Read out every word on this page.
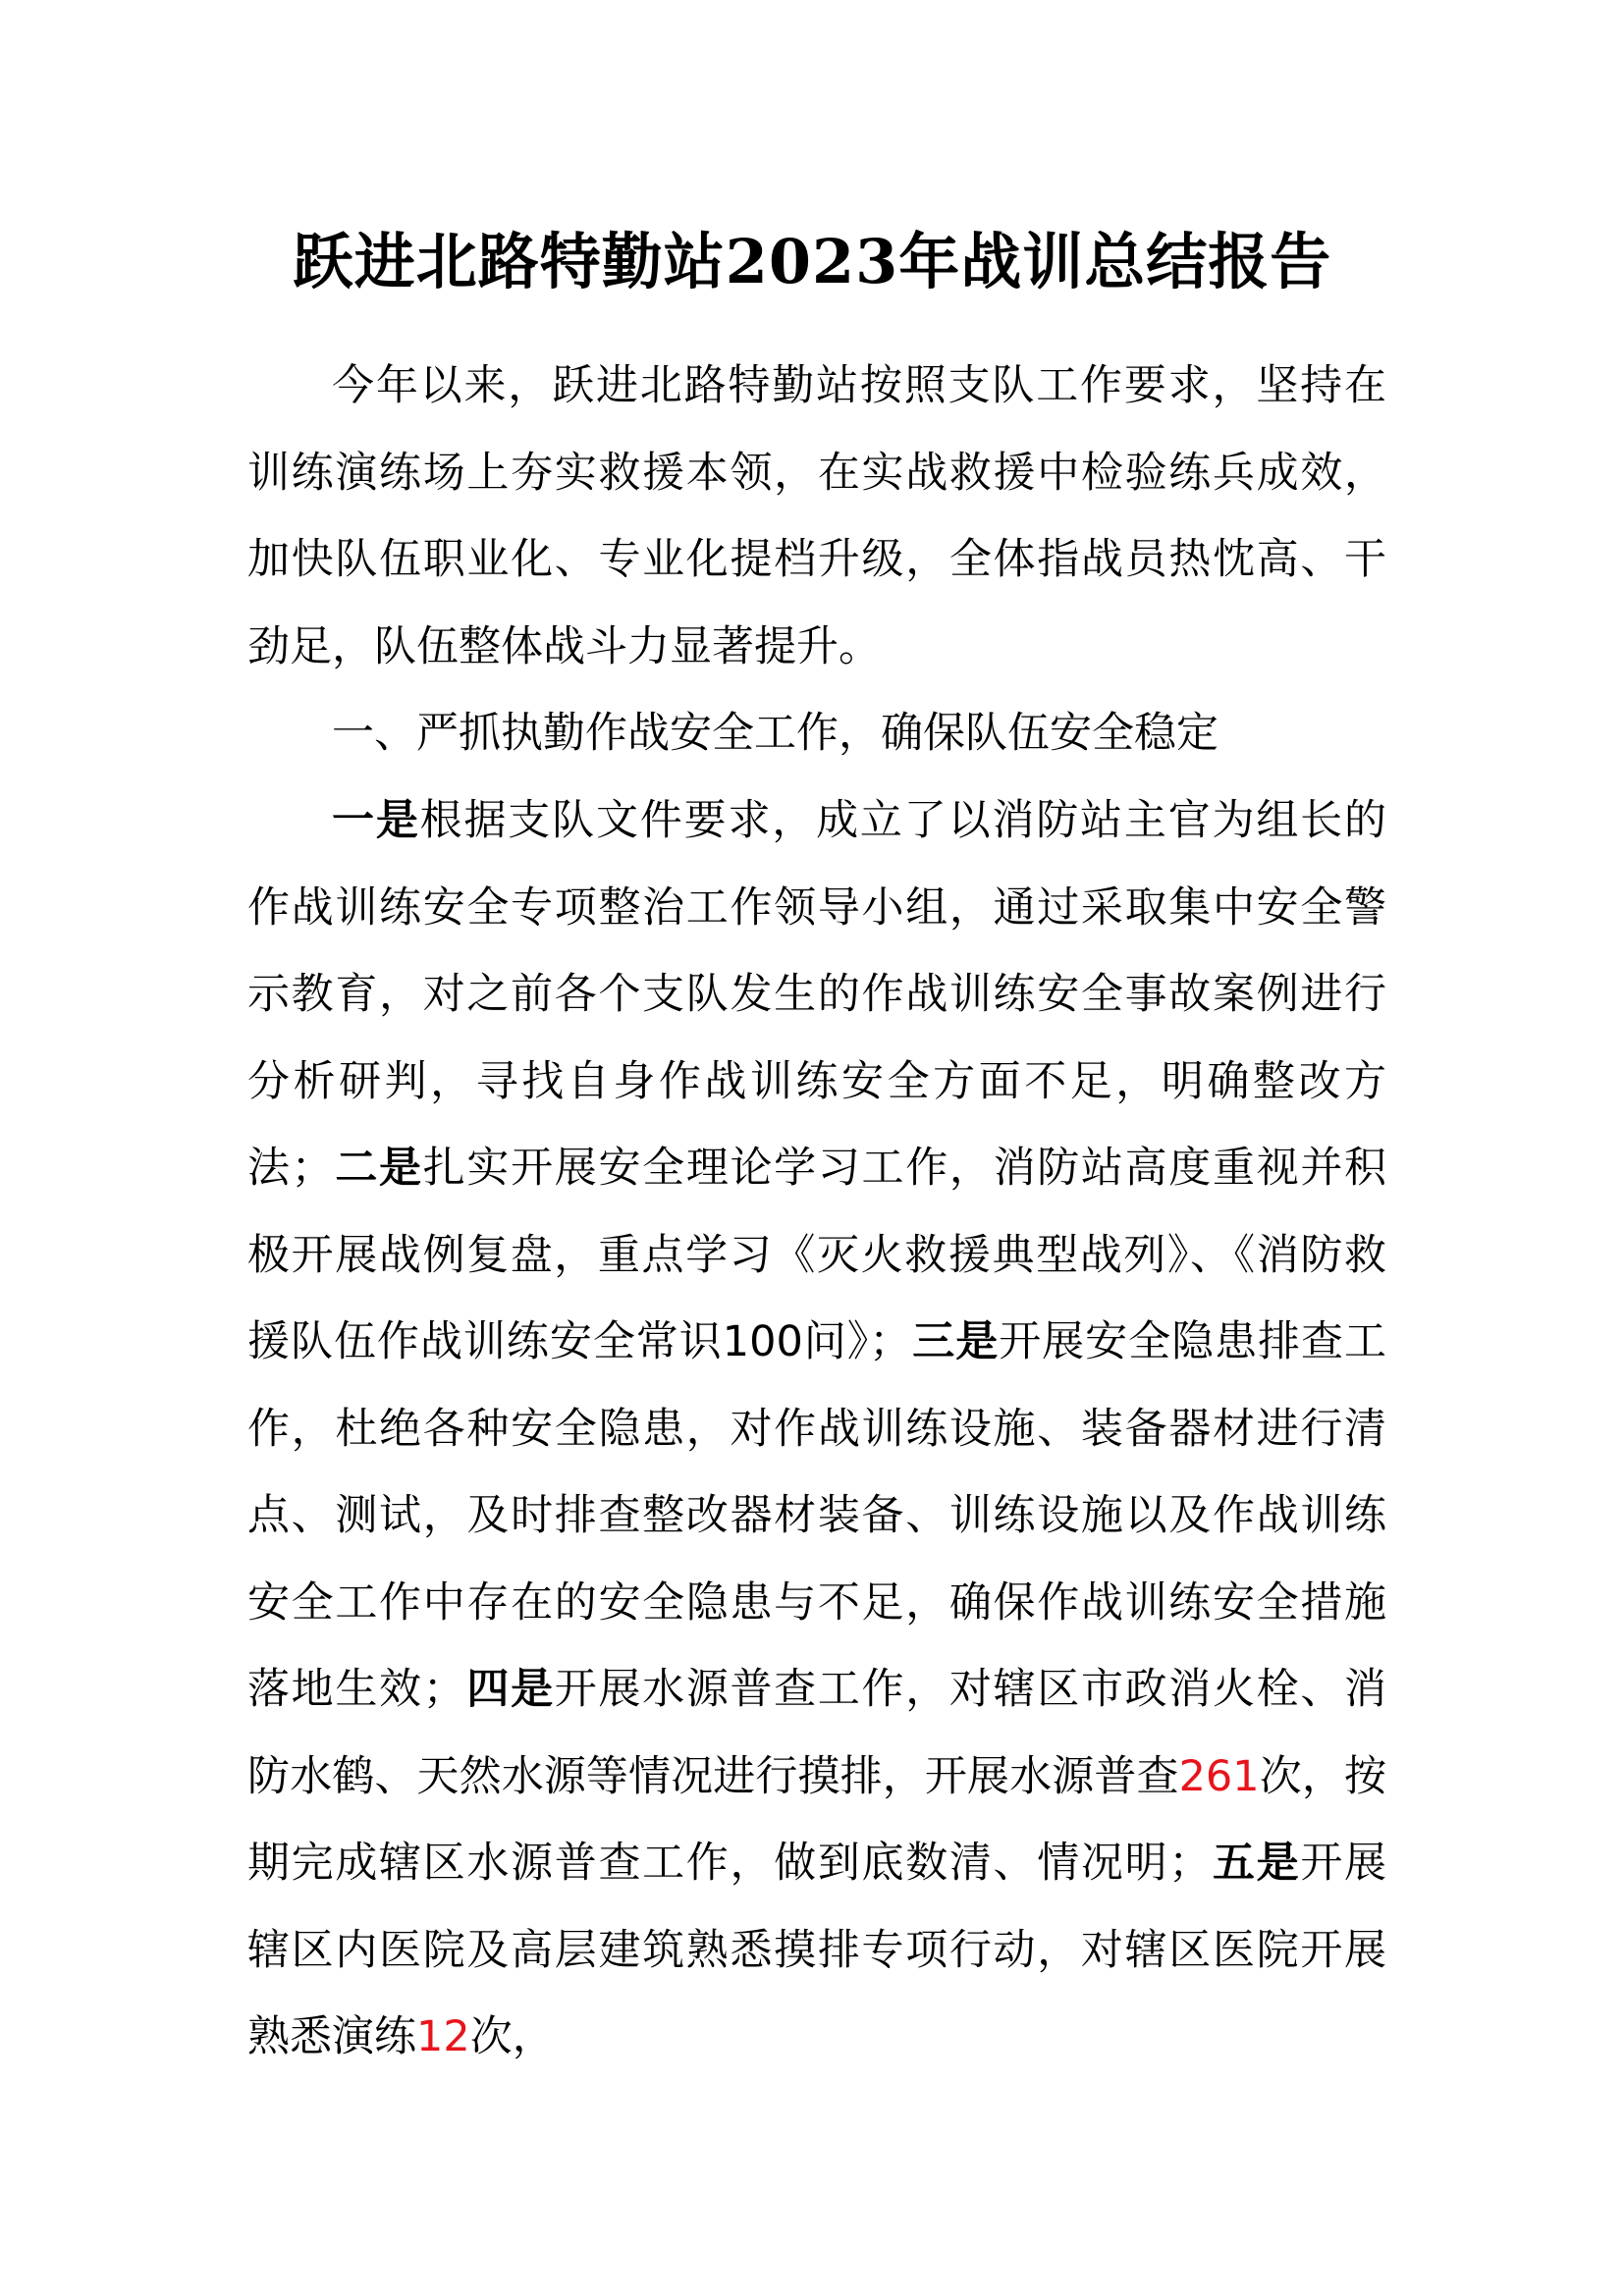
跃进北路特勤站2023年战训总结报告

今年以来，跃进北路特勤站按照支队工作要求，坚持在训练演练场上夯实救援本领，在实战救援中检验练兵成效，加快队伍职业化、专业化提档升级，全体指战员热忱高、干劲足，队伍整体战斗力显著提升。

一、严抓执勤作战安全工作，确保队伍安全稳定

一是根据支队文件要求，成立了以消防站主官为组长的作战训练安全专项整治工作领导小组，通过采取集中安全警示教育，对之前各个支队发生的作战训练安全事故案例进行分析研判，寻找自身作战训练安全方面不足，明确整改方法；二是扎实开展安全理论学习工作，消防站高度重视并积极开展战例复盘，重点学习《灭火救援典型战列》、《消防救援队伍作战训练安全常识100问》；三是开展安全隐患排查工作，杜绝各种安全隐患，对作战训练设施、装备器材进行清点、测试，及时排查整改器材装备、训练设施以及作战训练安全工作中存在的安全隐患与不足，确保作战训练安全措施落地生效；四是开展水源普查工作，对辖区市政消火栓、消防水鹤、天然水源等情况进行摸排，开展水源普查261次，按期完成辖区水源普查工作，做到底数清、情况明；五是开展辖区内医院及高层建筑熟悉摸排专项行动，对辖区医院开展熟悉演练12次，
